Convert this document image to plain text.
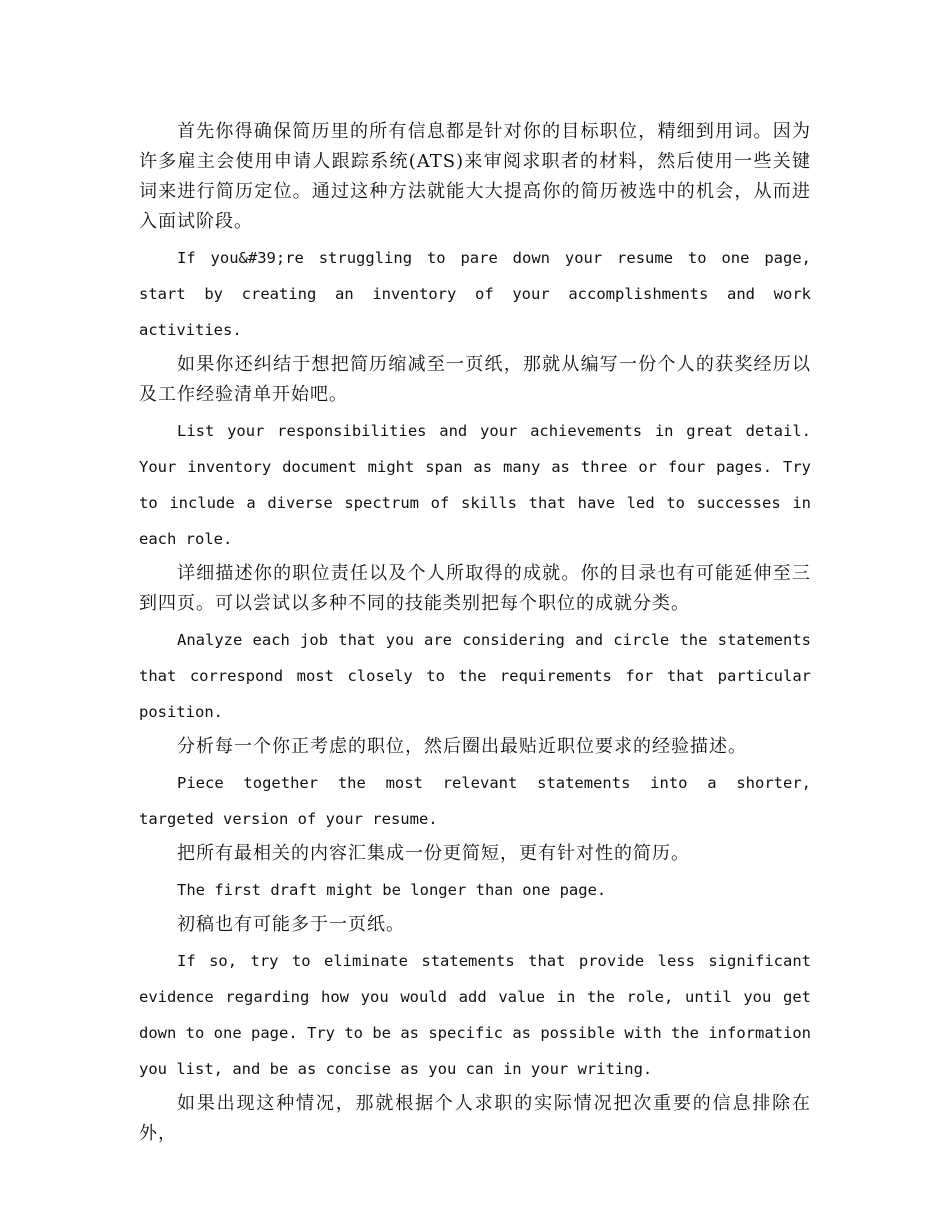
首先你得确保简历里的所有信息都是针对你的目标职位，精细到用词。因为许多雇主会使用申请人跟踪系统(ATS)来审阅求职者的材料，然后使用一些关键词来进行简历定位。通过这种方法就能大大提高你的简历被选中的机会，从而进入面试阶段。

If you&#39;re struggling to pare down your resume to one page, start by creating an inventory of your accomplishments and work activities.

如果你还纠结于想把简历缩减至一页纸，那就从编写一份个人的获奖经历以及工作经验清单开始吧。

List your responsibilities and your achievements in great detail. Your inventory document might span as many as three or four pages. Try to include a diverse spectrum of skills that have led to successes in each role.

详细描述你的职位责任以及个人所取得的成就。你的目录也有可能延伸至三到四页。可以尝试以多种不同的技能类别把每个职位的成就分类。

Analyze each job that you are considering and circle the statements that correspond most closely to the requirements for that particular position.

分析每一个你正考虑的职位，然后圈出最贴近职位要求的经验描述。

Piece together the most relevant statements into a shorter, targeted version of your resume.

把所有最相关的内容汇集成一份更简短，更有针对性的简历。

The first draft might be longer than one page.

初稿也有可能多于一页纸。

If so, try to eliminate statements that provide less significant evidence regarding how you would add value in the role, until you get down to one page. Try to be as specific as possible with the information you list, and be as concise as you can in your writing.

如果出现这种情况，那就根据个人求职的实际情况把次重要的信息排除在外，
